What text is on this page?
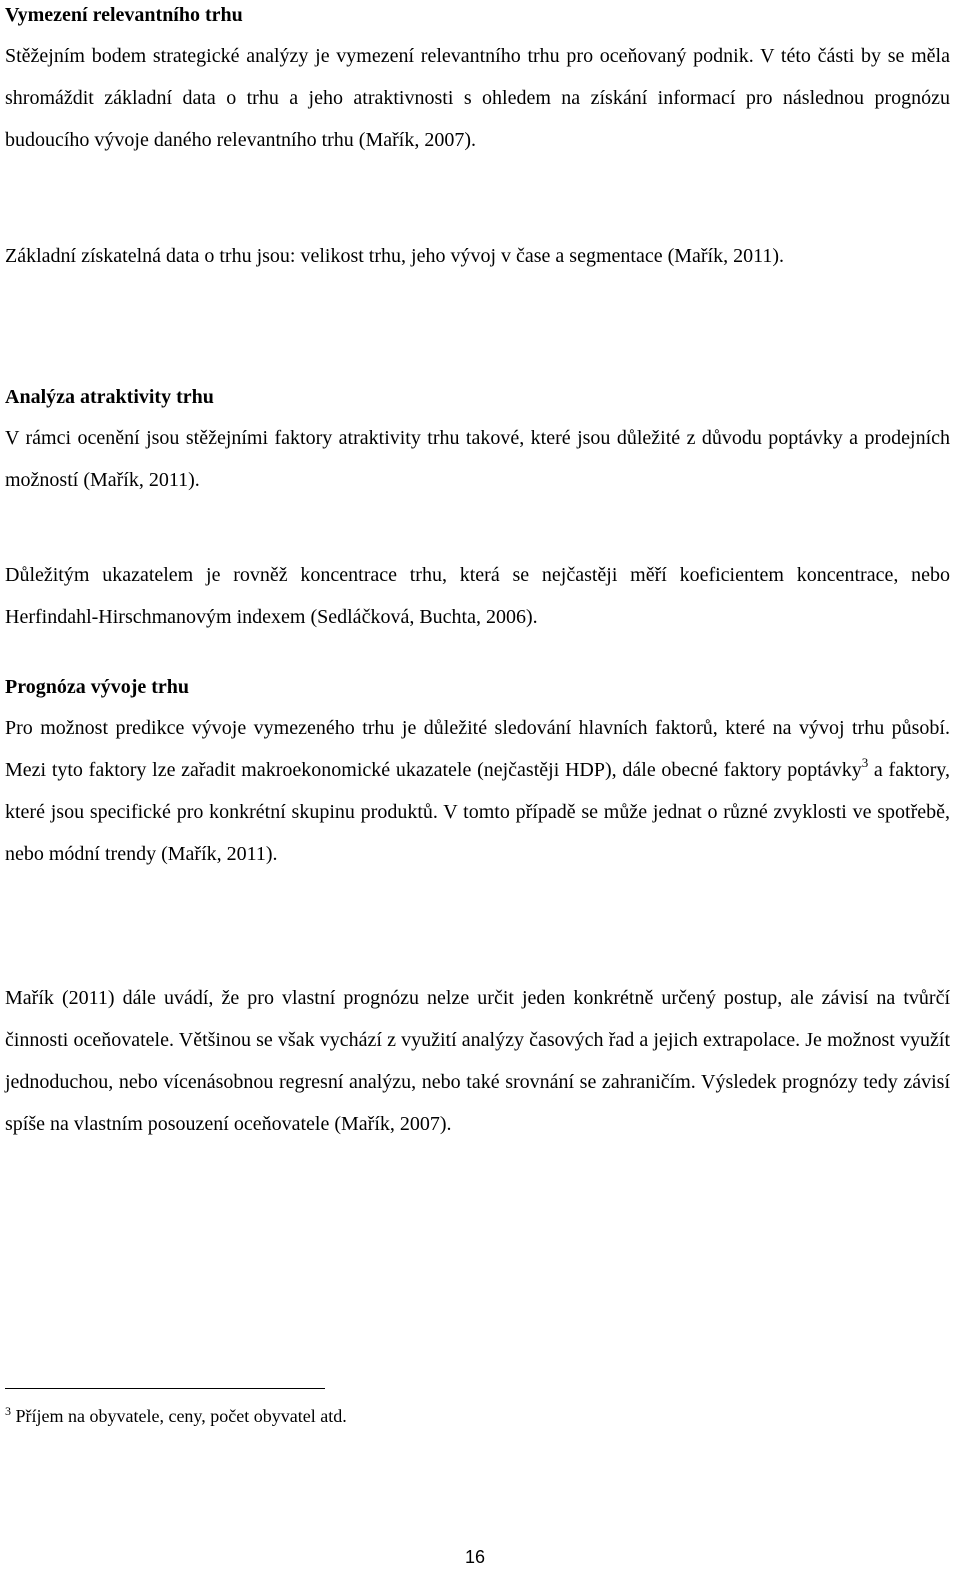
Vymezení relevantního trhu

Stěžejním bodem strategické analýzy je vymezení relevantního trhu pro oceňovaný podnik. V této části by se měla shromáždit základní data o trhu a jeho atraktivnosti s ohledem na získání informací pro následnou prognózu budoucího vývoje daného relevantního trhu (Mařík, 2007).

Základní získatelná data o trhu jsou: velikost trhu, jeho vývoj v čase a segmentace (Mařík, 2011).

Analýza atraktivity trhu

V rámci ocenění jsou stěžejními faktory atraktivity trhu takové, které jsou důležité z důvodu poptávky a prodejních možností (Mařík, 2011).

Důležitým ukazatelem je rovněž koncentrace trhu, která se nejčastěji měří koeficientem koncentrace, nebo Herfindahl-Hirschmanovým indexem (Sedláčková, Buchta, 2006).

Prognóza vývoje trhu

Pro možnost predikce vývoje vymezeného trhu je důležité sledování hlavních faktorů, které na vývoj trhu působí. Mezi tyto faktory lze zařadit makroekonomické ukazatele (nejčastěji HDP), dále obecné faktory poptávky$^3$ a faktory, které jsou specifické pro konkrétní skupinu produktů. V tomto případě se může jednat o různé zvyklosti ve spotřebě, nebo módní trendy (Mařík, 2011).

Mařík (2011) dále uvádí, že pro vlastní prognózu nelze určit jeden konkrétně určený postup, ale závisí na tvůrčí činnosti oceňovatele. Většinou se však vychází z využití analýzy časových řad a jejich extrapolace. Je možnost využít jednoduchou, nebo vícenásobnou regresní analýzu, nebo také srovnání se zahraničím. Výsledek prognózy tedy závisí spíše na vlastním posouzení oceňovatele (Mařík, 2007).

$^3$ Příjem na obyvatele, ceny, počet obyvatel atd.
16
